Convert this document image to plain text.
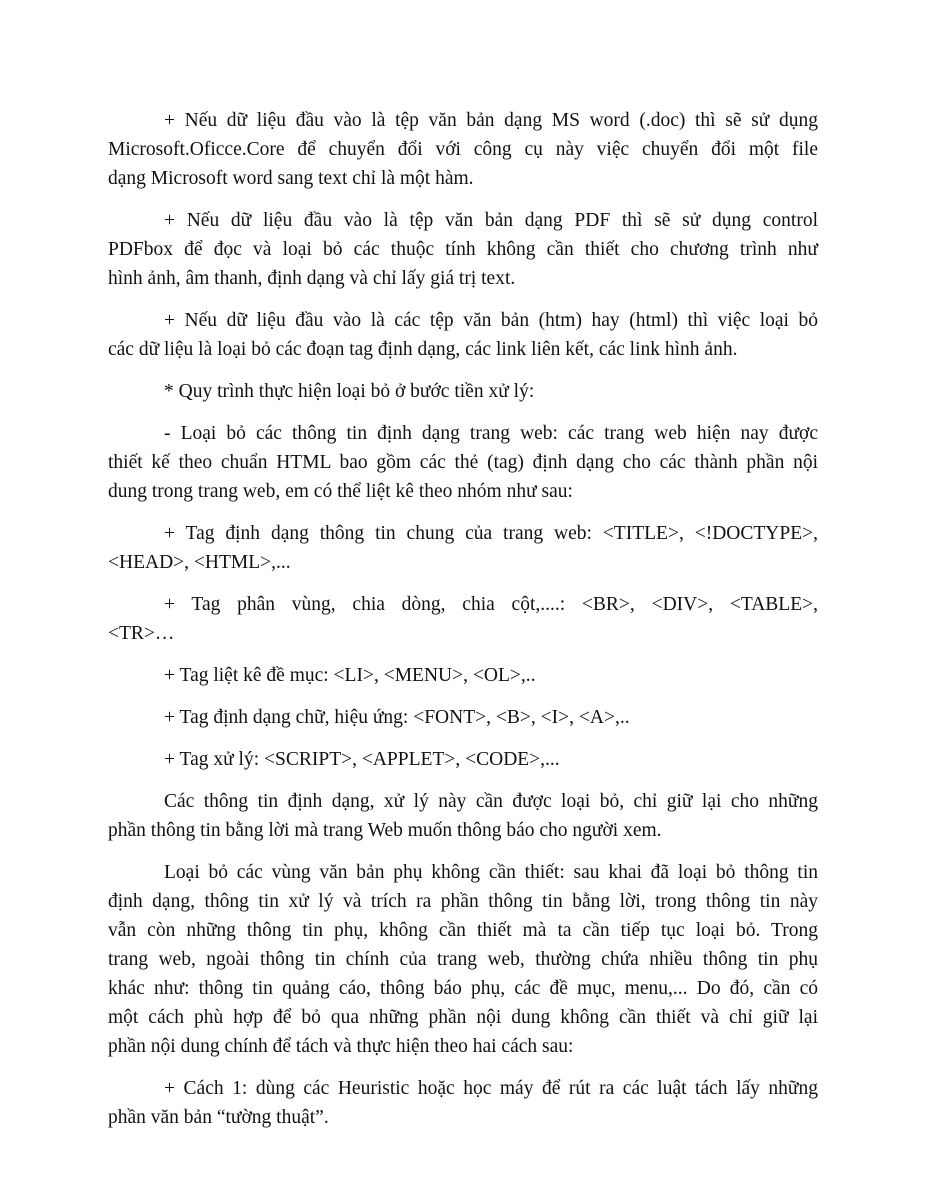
+ Nếu dữ liệu đầu vào là tệp văn bản dạng MS word (.doc) thì sẽ sử dụng
Microsoft.Oficce.Core để chuyển đổi với công cụ này việc chuyển đổi một file
dạng Microsoft word sang text chỉ là một hàm.
+ Nếu dữ liệu đầu vào là tệp văn bản dạng PDF thì sẽ sử dụng control
PDFbox để đọc và loại bỏ các thuộc tính không cần thiết cho chương trình như
hình ảnh, âm thanh, định dạng và chỉ lấy giá trị text.
+ Nếu dữ liệu đầu vào là các tệp văn bản (htm) hay (html) thì việc loại bỏ
các dữ liệu là loại bỏ các đoạn tag định dạng, các link liên kết, các link hình ảnh.
* Quy trình thực hiện loại bỏ ở bước tiền xử lý:
- Loại bỏ các thông tin định dạng trang web: các trang web hiện nay được
thiết kế theo chuẩn HTML bao gồm các thẻ (tag) định dạng cho các thành phần nội
dung trong trang web, em có thể liệt kê theo nhóm như sau:
+ Tag định dạng thông tin chung của trang web: <TITLE>, <!DOCTYPE>,
<HEAD>, <HTML>,...
+ Tag phân vùng, chia dòng, chia cột,....: <BR>, <DIV>, <TABLE>,
<TR>…
+ Tag liệt kê đề mục: <LI>, <MENU>, <OL>,..
+ Tag định dạng chữ, hiệu ứng: <FONT>, <B>, <I>, <A>,..
+ Tag xử lý: <SCRIPT>, <APPLET>, <CODE>,...
Các thông tin định dạng, xử lý này cần được loại bỏ, chỉ giữ lại cho những
phần thông tin bằng lời mà trang Web muốn thông báo cho người xem.
Loại bỏ các vùng văn bản phụ không cần thiết: sau khai đã loại bỏ thông tin
định dạng, thông tin xử lý và trích ra phần thông tin bằng lời, trong thông tin này
vẫn còn những thông tin phụ, không cần thiết mà ta cần tiếp tục loại bỏ. Trong
trang web, ngoài thông tin chính của trang web, thường chứa nhiều thông tin phụ
khác như: thông tin quảng cáo, thông báo phụ, các đề mục, menu,... Do đó, cần có
một cách phù hợp để bỏ qua những phần nội dung không cần thiết và chỉ giữ lại
phần nội dung chính để tách và thực hiện theo hai cách sau:
+ Cách 1: dùng các Heuristic hoặc học máy để rút ra các luật tách lấy những
phần văn bản “tường thuật”.
